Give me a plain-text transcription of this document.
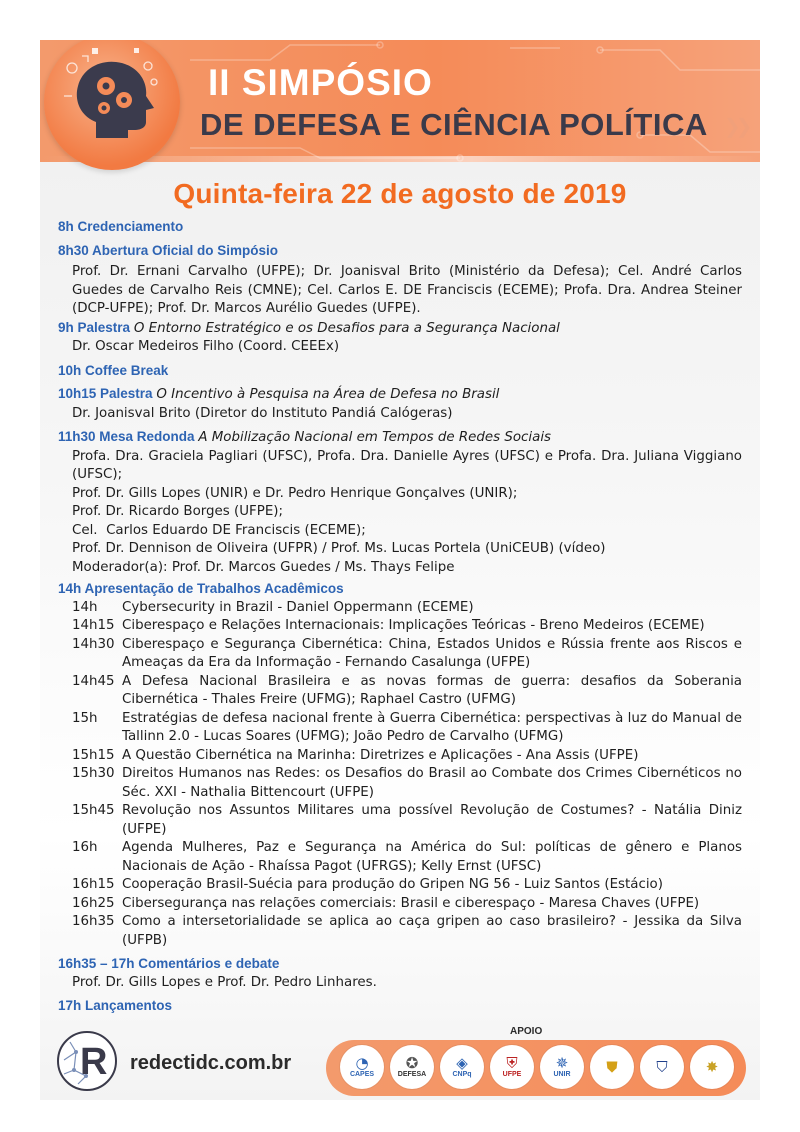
II SIMPÓSIO
DE DEFESA E CIÊNCIA POLÍTICA ❯❯
Quinta-feira 22 de agosto de 2019
8h Credenciamento
8h30 Abertura Oficial do Simpósio
Prof. Dr. Ernani Carvalho (UFPE); Dr. Joanisval Brito (Ministério da Defesa); Cel. André Carlos Guedes de Carvalho Reis (CMNE); Cel. Carlos E. DE Franciscis (ECEME); Profa. Dra. Andrea Steiner (DCP-UFPE); Prof. Dr. Marcos Aurélio Guedes (UFPE).
9h Palestra O Entorno Estratégico e os Desafios para a Segurança Nacional
Dr. Oscar Medeiros Filho (Coord. CEEEx)
10h Coffee Break
10h15 Palestra O Incentivo à Pesquisa na Área de Defesa no Brasil
Dr. Joanisval Brito (Diretor do Instituto Pandiá Calógeras)
11h30 Mesa Redonda A Mobilização Nacional em Tempos de Redes Sociais
Profa. Dra. Graciela Pagliari (UFSC), Profa. Dra. Danielle Ayres (UFSC) e Profa. Dra. Juliana Viggiano (UFSC);
Prof. Dr. Gills Lopes (UNIR) e Dr. Pedro Henrique Gonçalves (UNIR);
Prof. Dr. Ricardo Borges (UFPE);
Cel.  Carlos Eduardo DE Franciscis (ECEME);
Prof. Dr. Dennison de Oliveira (UFPR) / Prof. Ms. Lucas Portela (UniCEUB) (vídeo)
Moderador(a): Prof. Dr. Marcos Guedes / Ms. Thays Felipe
14h Apresentação de Trabalhos Acadêmicos
14h	Cybersecurity in Brazil - Daniel Oppermann (ECEME)
14h15 Ciberespaço e Relações Internacionais: Implicações Teóricas - Breno Medeiros (ECEME)
14h30 Ciberespaço e Segurança Cibernética: China, Estados Unidos e Rússia frente aos Riscos e Ameaças da Era da Informação - Fernando Casalunga (UFPE)
14h45 A Defesa Nacional Brasileira e as novas formas de guerra: desafios da Soberania Cibernética - Thales Freire (UFMG); Raphael Castro (UFMG)
15h	Estratégias de defesa nacional frente à Guerra Cibernética: perspectivas à luz do Manual de Tallinn 2.0 - Lucas Soares (UFMG); João Pedro de Carvalho (UFMG)
15h15 A Questão Cibernética na Marinha: Diretrizes e Aplicações - Ana Assis (UFPE)
15h30 Direitos Humanos nas Redes: os Desafios do Brasil ao Combate dos Crimes Cibernéticos no Séc. XXI - Nathalia Bittencourt (UFPE)
15h45 Revolução nos Assuntos Militares uma possível Revolução de Costumes? - Natália Diniz (UFPE)
16h	Agenda Mulheres, Paz e Segurança na América do Sul: políticas de gênero e Planos Nacionais de Ação - Rhaíssa Pagot (UFRGS); Kelly Ernst (UFSC)
16h15 Cooperação Brasil-Suécia para produção do Gripen NG 56 - Luiz Santos (Estácio)
16h25 Cibersegurança nas relações comerciais: Brasil e ciberespaço - Maresa Chaves (UFPE)
16h35 Como a intersetorialidade se aplica ao caça gripen ao caso brasileiro? - Jessika da Silva (UFPB)
16h35 – 17h Comentários e debate
Prof. Dr. Gills Lopes e Prof. Dr. Pedro Linhares.
17h Lançamentos
R redectidc.com.br
APOIO
◔
CAPES
✪
DEFESA
◈
CNPq
⛨
UFPE
✵
UNIR ⛊	⛉	✸
